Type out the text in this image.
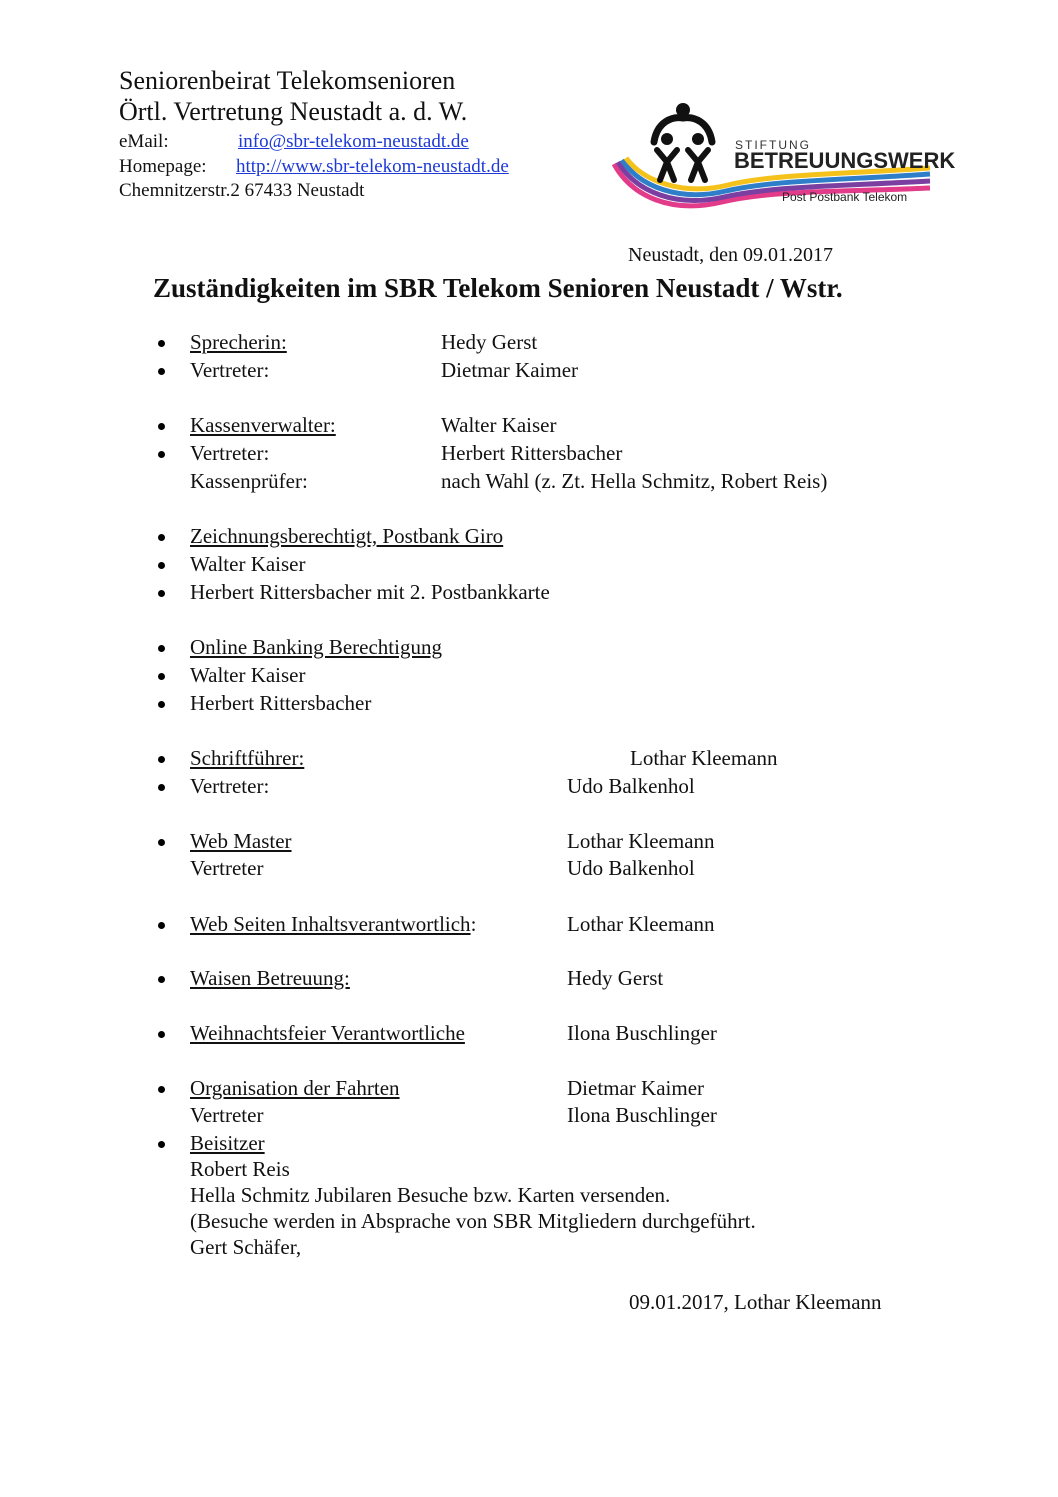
Seniorenbeirat Telekomsenioren
Örtl. Vertretung Neustadt a. d. W.
eMail:	info@sbr-telekom-neustadt.de
Homepage: http://www.sbr-telekom-neustadt.de
Chemnitzerstr.2 67433 Neustadt
STIFTUNG
BETREUUNGSWERK
Post Postbank Telekom
Neustadt, den 09.01.2017
Zuständigkeiten im SBR Telekom Senioren Neustadt / Wstr.
Sprecherin:	Hedy Gerst
Vertreter:	Dietmar Kaimer
Kassenverwalter:	Walter Kaiser
Vertreter:	Herbert Rittersbacher
Kassenprüfer:	nach Wahl (z. Zt. Hella Schmitz, Robert Reis)
Zeichnungsberechtigt, Postbank Giro
Walter Kaiser
Herbert Rittersbacher mit 2. Postbankkarte
Online Banking Berechtigung
Walter Kaiser
Herbert Rittersbacher
Schriftführer:	Lothar Kleemann
Vertreter:	Udo Balkenhol
Web Master	Lothar Kleemann
Vertreter	Udo Balkenhol
Web Seiten Inhaltsverantwortlich:	Lothar Kleemann
Waisen Betreuung:	Hedy Gerst
Weihnachtsfeier Verantwortliche	Ilona Buschlinger
Organisation der Fahrten	Dietmar Kaimer
Vertreter	Ilona Buschlinger
Beisitzer
Robert Reis
Hella Schmitz Jubilaren Besuche bzw. Karten versenden.
(Besuche werden in Absprache von SBR Mitgliedern durchgeführt.
Gert Schäfer,
09.01.2017, Lothar Kleemann
